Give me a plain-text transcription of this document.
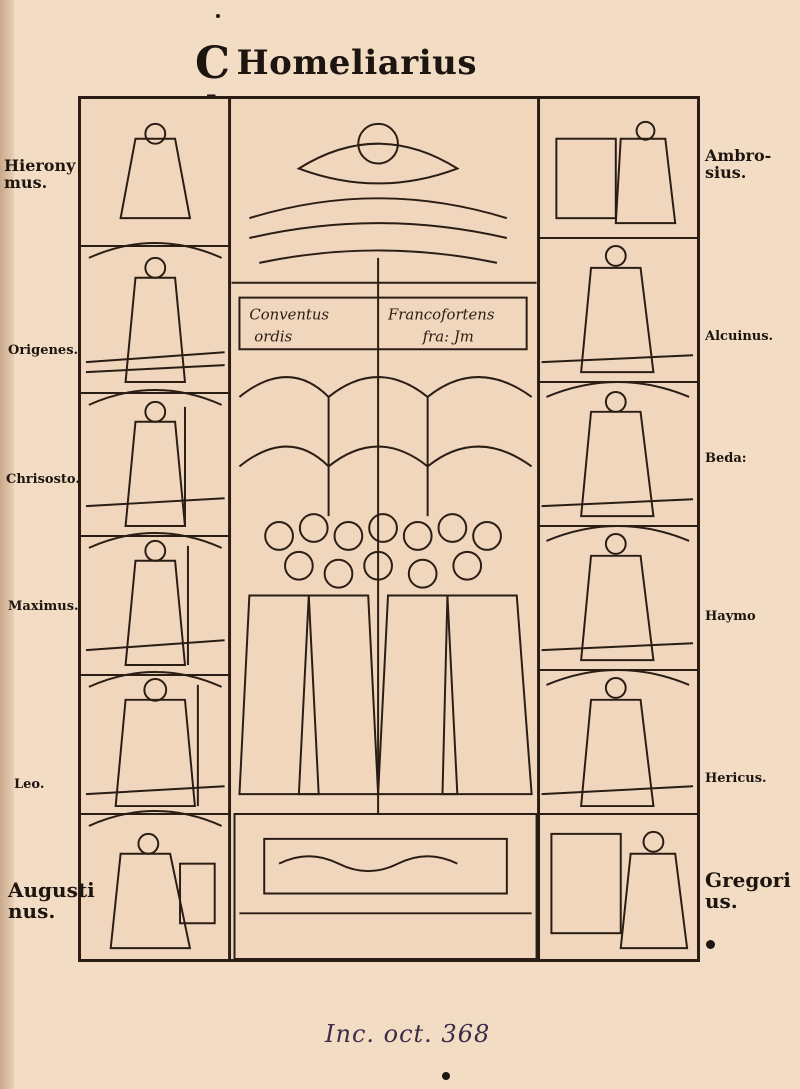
C Homeliarius
Conventus	Francofortens
ordis	fra: Jm
Hierony
mus.
Origenes.
Chrisosto.
Maximus.
Leo.
Augusti
nus.
Ambro-
sius.
Alcuinus.
Beda:
Haymo
Hericus.
Gregori
us.
Inc. oct. 368
